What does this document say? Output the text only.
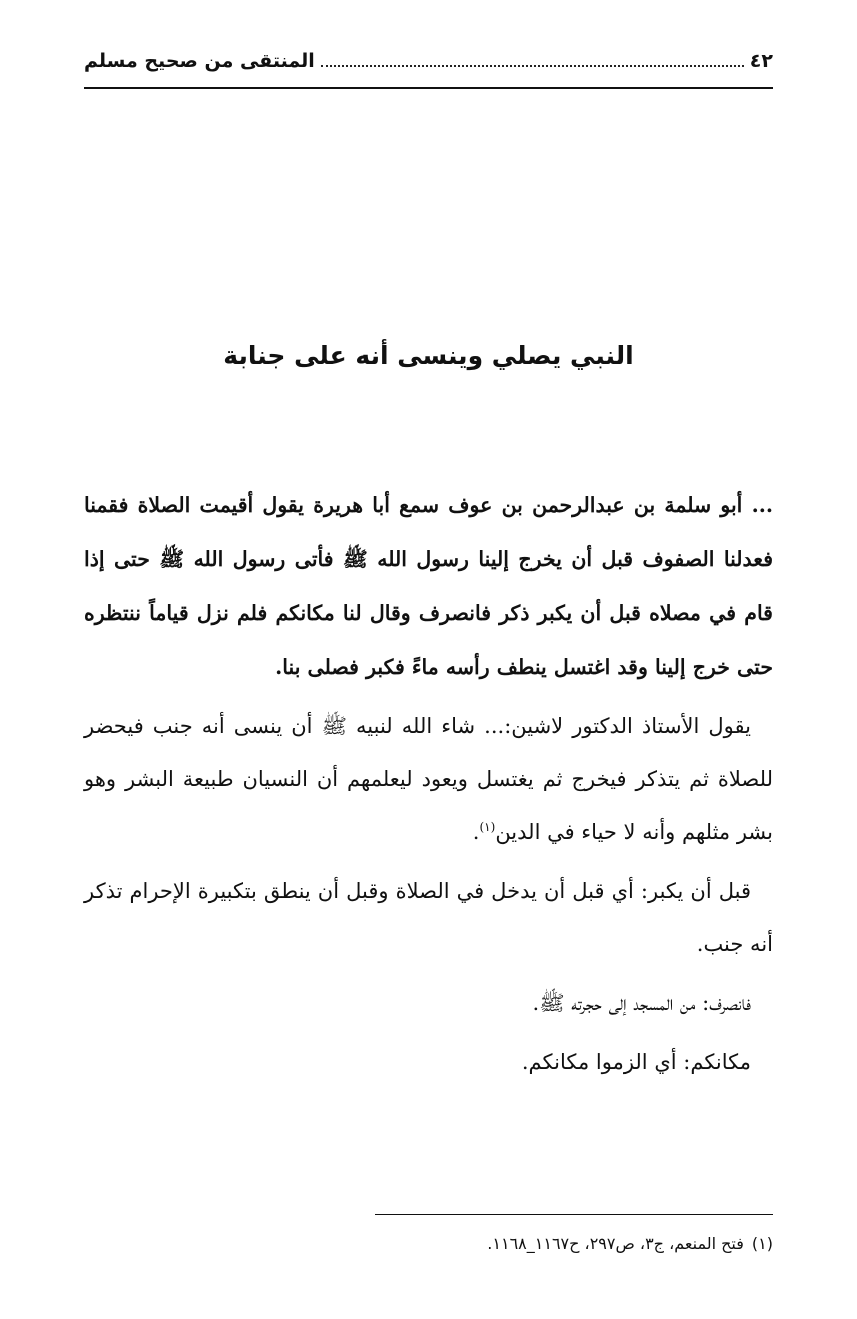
٤٢
المنتقى من صحيح مسلم
النبي يصلي وينسى أنه على جنابة

... أبو سلمة بن عبدالرحمن بن عوف سمع أبا هريرة يقول أقيمت الصلاة فقمنا فعدلنا الصفوف قبل أن يخرج إلينا رسول الله ﷺ فأتى رسول الله ﷺ حتى إذا قام في مصلاه قبل أن يكبر ذكر فانصرف وقال لنا مكانكم فلم نزل قياماً ننتظره حتى خرج إلينا وقد اغتسل ينطف رأسه ماءً فكبر فصلى بنا.

يقول الأستاذ الدكتور لاشين:... شاء الله لنبيه ﷺ أن ينسى أنه جنب فيحضر للصلاة ثم يتذكر فيخرج ثم يغتسل ويعود ليعلمهم أن النسيان طبيعة البشر وهو بشر مثلهم وأنه لا حياء في الدين$^{(١)}$.

قبل أن يكبر: أي قبل أن يدخل في الصلاة وقبل أن ينطق بتكبيرة الإحرام تذكر أنه جنب.

فانصرف: من المسجد إلى حجرته ﷺ.

مكانكم: أي الزموا مكانكم.

(١)فتح المنعم، ج٣، ص٢٩٧، ح١١٦٧_١١٦٨.
